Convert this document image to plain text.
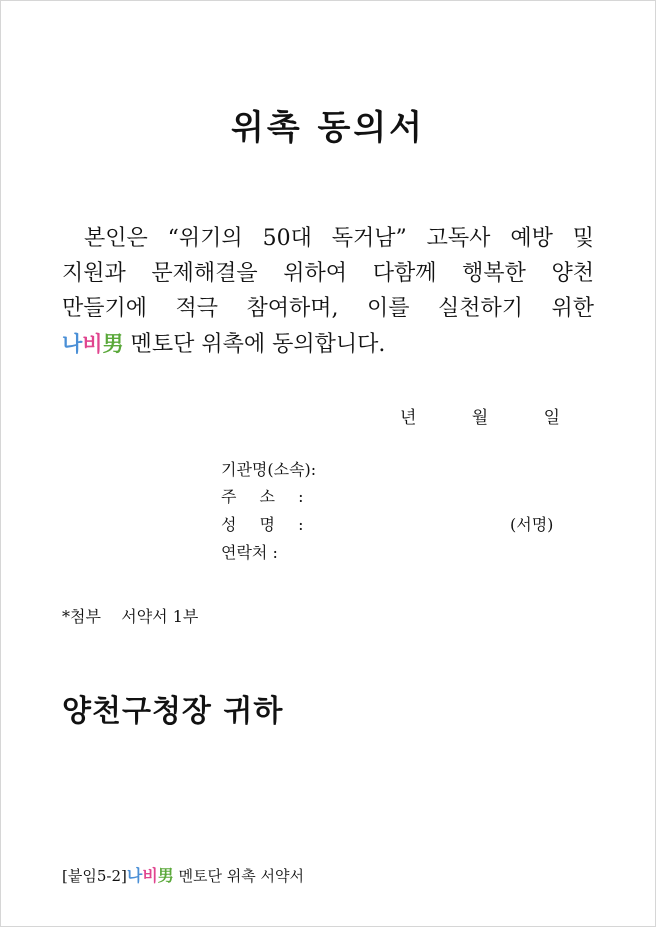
위촉 동의서
본인은 “위기의 50대 독거남” 고독사 예방 및
지원과 문제해결을 위하여 다함께 행복한 양천
만들기에 적극 참여하며, 이를 실천하기 위한
나비男 멘토단 위촉에 동의합니다.
년	월	일
기관명(소속):
주 소 :
성 명 :	(서명)
연락처 :
*첨부    서약서 1부
양천구청장 귀하
[붙임5-2]나비男 멘토단 위촉 서약서
